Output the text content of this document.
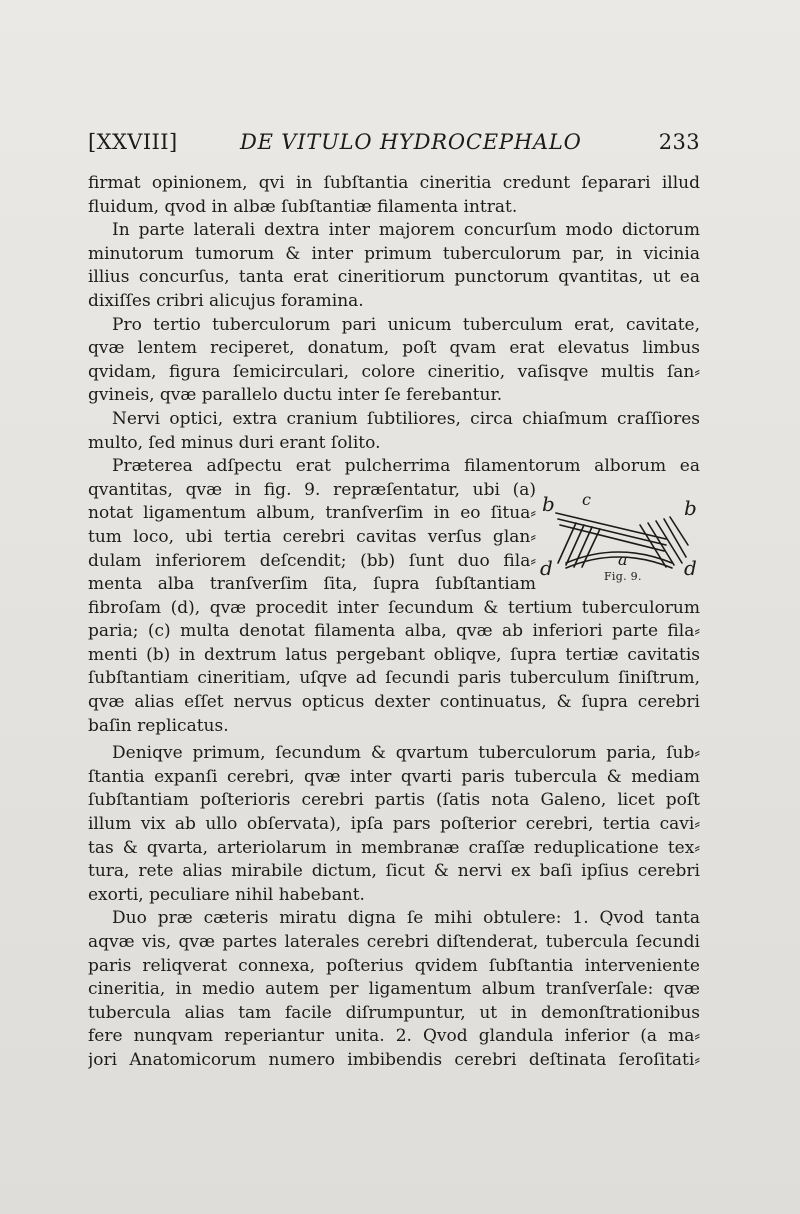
[XXVIII]	DE VITULO HYDROCEPHALO	233
firmat opinionem, qvi in ſubſtantia cineritia credunt ſeparari illud
fluidum, qvod in albæ ſubſtantiæ filamenta intrat.
In parte laterali dextra inter majorem concurſum modo dictorum
minutorum tumorum & inter primum tuberculorum par, in vicinia
illius concurſus, tanta erat cineritiorum punctorum qvantitas, ut ea
dixiſſes cribri alicujus foramina.
Pro tertio tuberculorum pari unicum tuberculum erat, cavitate,
qvæ lentem reciperet, donatum, poſt qvam erat elevatus limbus
qvidam, figura ſemicirculari, colore cineritio, vaſisqve multis ſan⸗
gvineis, qvæ parallelo ductu inter ſe ferebantur.
Nervi optici, extra cranium ſubtiliores, circa chiaſmum craſſiores
multo, ſed minus duri erant ſolito.
Præterea adſpectu erat pulcherrima filamentorum alborum ea
qvantitas, qvæ in fig. 9. repræſentatur, ubi (a)
notat ligamentum album, tranſverſim in eo ſitua⸗
tum loco, ubi tertia cerebri cavitas verſus glan⸗
dulam inferiorem deſcendit; (bb) ſunt duo fila⸗
menta alba tranſverſim ſita, ſupra ſubſtantiam
b c	b
a
d	d
fibroſam (d), qvæ procedit inter ſecundum & tertium tuberculorum
paria; (c) multa denotat filamenta alba, qvæ ab inferiori parte fila⸗
menti (b) in dextrum latus pergebant obliqve, ſupra tertiæ cavitatis
ſubſtantiam cineritiam, uſqve ad ſecundi paris tuberculum ſiniſtrum,
qvæ alias eſſet nervus opticus dexter continuatus, & ſupra cerebri
baſin replicatus.
Deniqve primum, ſecundum & qvartum tuberculorum paria, ſub⸗
ſtantia expanſi cerebri, qvæ inter qvarti paris tubercula & mediam
ſubſtantiam poſterioris cerebri partis (ſatis nota Galeno, licet poſt
illum vix ab ullo obſervata), ipſa pars poſterior cerebri, tertia cavi⸗
tas & qvarta, arteriolarum in membranæ craſſæ reduplicatione tex⸗
tura, rete alias mirabile dictum, ſicut & nervi ex baſi ipſius cerebri
exorti, peculiare nihil habebant.
Duo præ cæteris miratu digna ſe mihi obtulere: 1. Qvod tanta
aqvæ vis, qvæ partes laterales cerebri diſtenderat, tubercula ſecundi
paris reliqverat connexa, poſterius qvidem ſubſtantia interveniente
cineritia, in medio autem per ligamentum album tranſverſale: qvæ
tubercula alias tam facile diſrumpuntur, ut in demonſtrationibus
fere nunqvam reperiantur unita. 2. Qvod glandula inferior (a ma⸗
jori Anatomicorum numero imbibendis cerebri deſtinata ſeroſitati⸗
Fig. 9.
